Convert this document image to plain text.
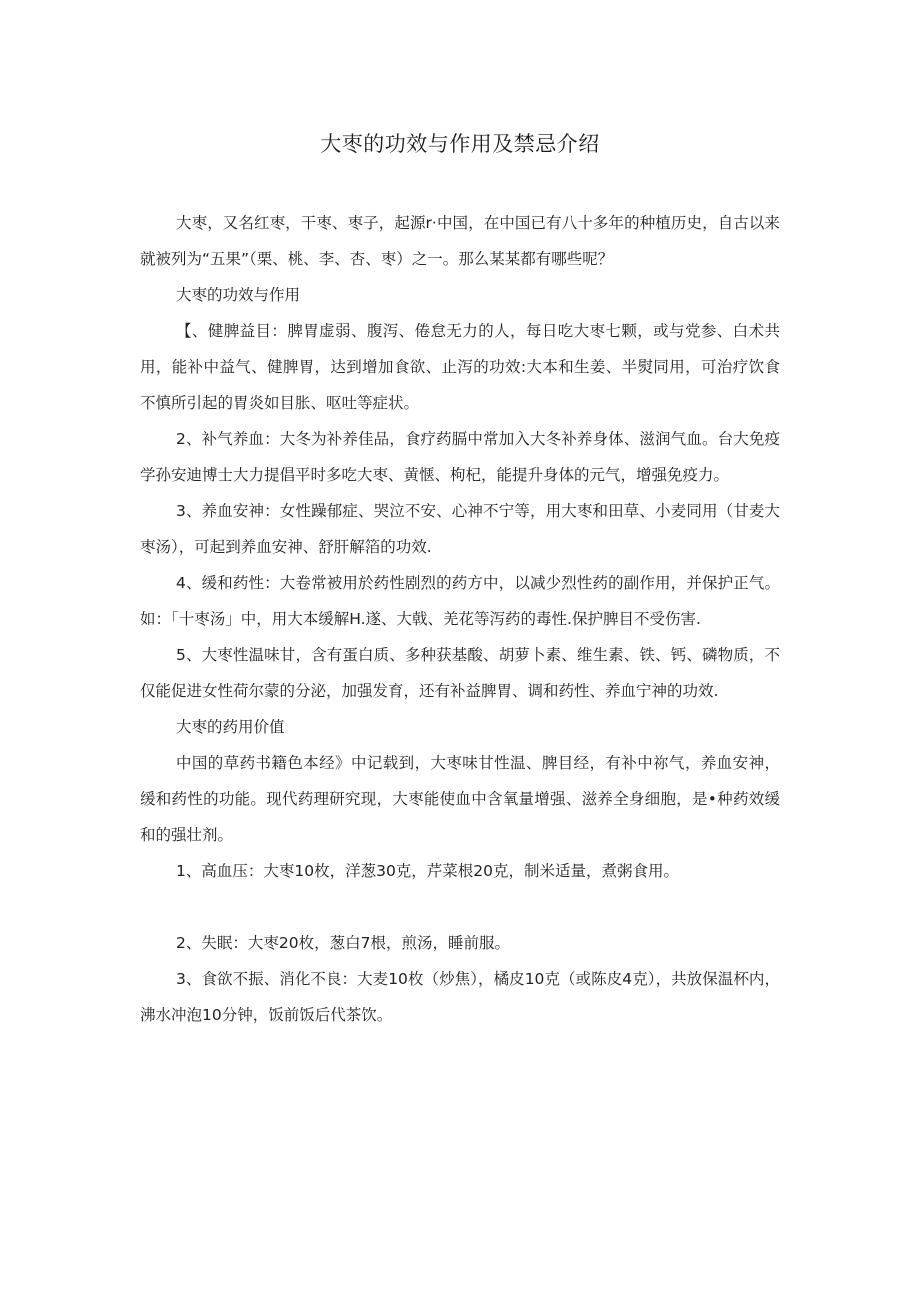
大枣的功效与作用及禁忌介绍

大枣，又名红枣，干枣、枣子，起源r·中国，在中国已有八十多年的种植历史，自古以来就被列为“五果”（栗、桃、李、杏、枣）之一。那么某某都有哪些呢？

大枣的功效与作用

【、健脾益目：脾胃虚弱、腹泻、倦怠无力的人，每日吃大枣七颗，或与党参、白术共用，能补中益气、健脾胃，达到增加食欲、止泻的功效:大本和生姜、半熨同用，可治疗饮食不慎所引起的胃炎如目胀、呕吐等症状。

2、补气养血：大冬为补养佳品，食疗药膈中常加入大冬补养身体、滋润气血。台大免疫学孙安迪博士大力提倡平时多吃大枣、黄惬、枸杞，能提升身体的元气，增强免疫力。

3、养血安神：女性躁郁症、哭泣不安、心神不宁等，用大枣和田草、小麦同用（甘麦大枣汤），可起到养血安神、舒肝解箔的功效.

4、缓和药性：大卷常被用於药性剧烈的药方中，以减少烈性药的副作用，并保护正气。如：「十枣汤」中，用大本缓解H.遂、大戟、羌花等泻药的毒性.保护脾目不受伤害.

5、大枣性温味甘，含有蛋白质、多种获基酸、胡萝卜素、维生素、铁、钙、磷物质，不仅能促进女性荷尔蒙的分泌，加强发育，还有补益脾胃、调和药性、养血宁神的功效.

大枣的药用价值

中国的草药书籍色本经》中记载到，大枣味甘性温、脾目经，有补中祢气，养血安神，缓和药性的功能。现代药理研究现，大枣能使血中含氧量增强、滋养全身细胞，是•种药效缓和的强壮剂。

1、高血压：大枣10枚，洋葱30克，芹菜根20克，制米适量，煮粥食用。

2、失眠：大枣20枚，葱白7根，煎汤，睡前服。

3、食欲不振、消化不良：大麦10枚（炒焦），橘皮10克（或陈皮4克），共放保温杯内，沸水冲泡10分钟，饭前饭后代茶饮。
